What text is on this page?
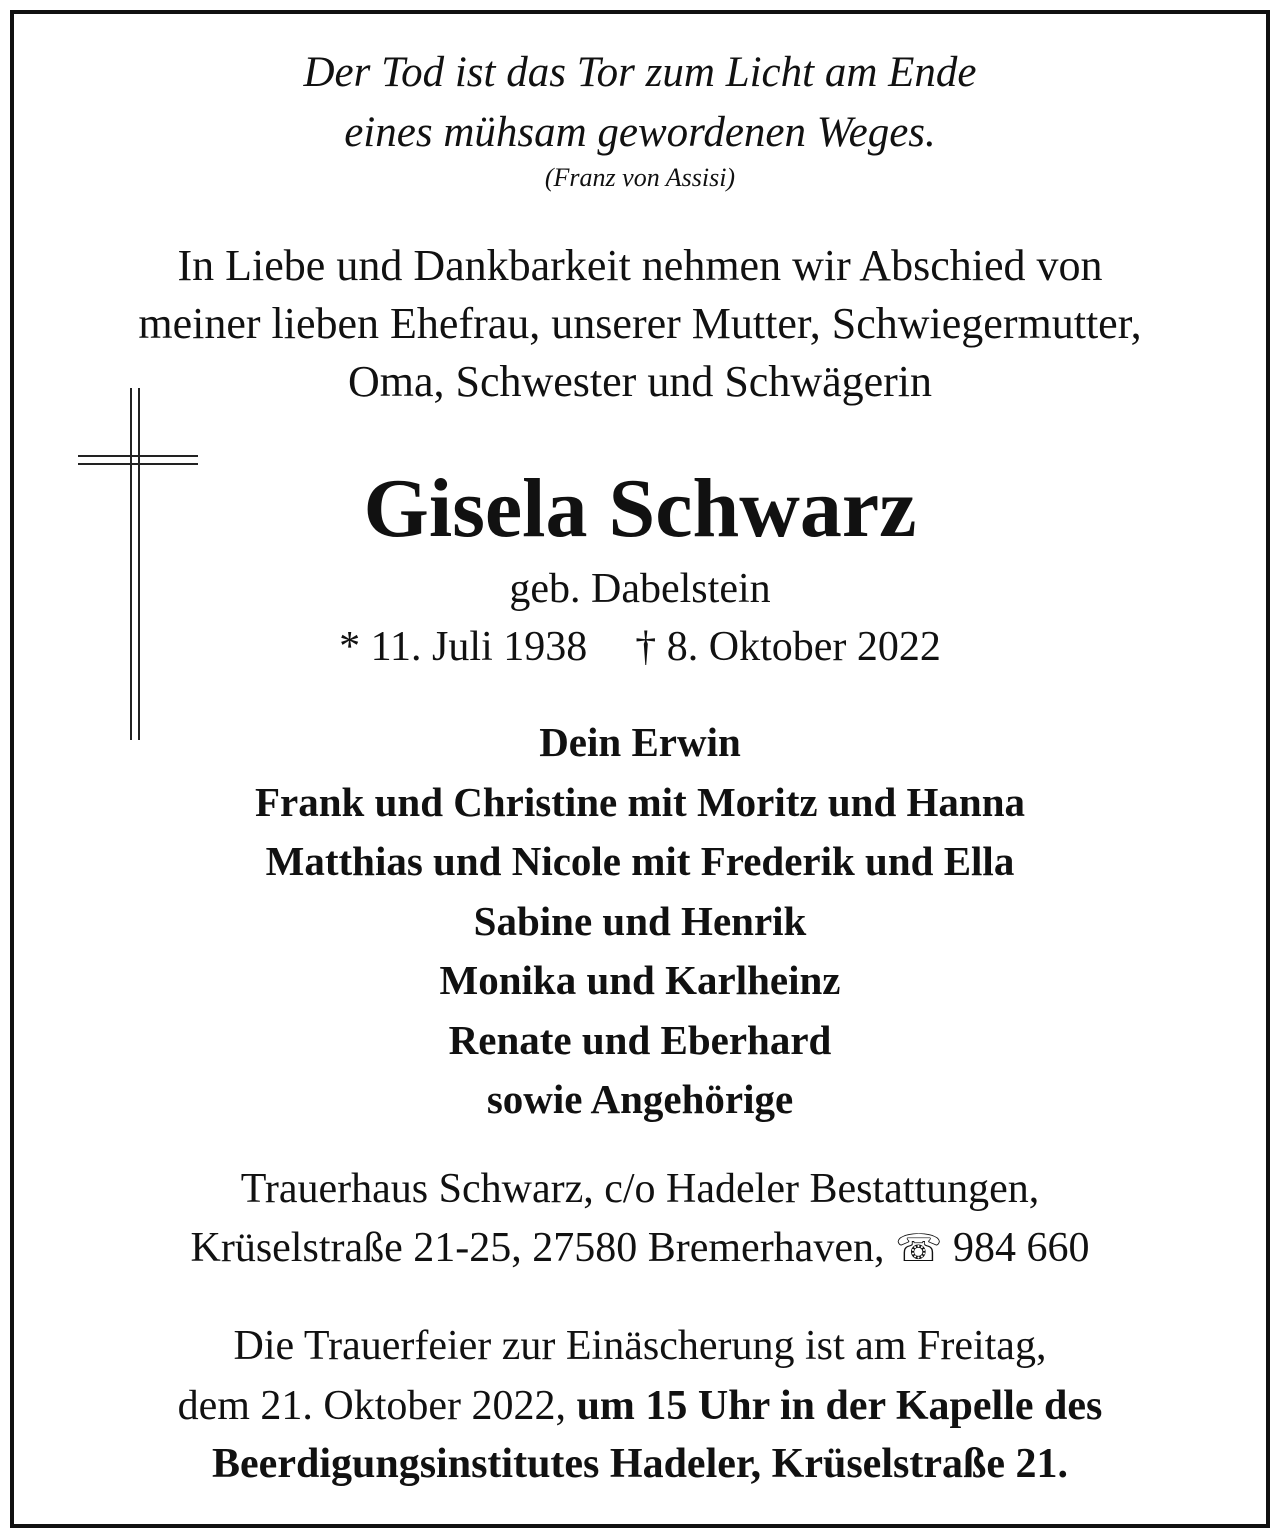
Der Tod ist das Tor zum Licht am Ende
eines mühsam gewordenen Weges.
(Franz von Assisi)
In Liebe und Dankbarkeit nehmen wir Abschied von
meiner lieben Ehefrau, unserer Mutter, Schwiegermutter,
Oma, Schwester und Schwägerin
Gisela Schwarz
geb. Dabelstein
* 11. Juli 1938 † 8. Oktober 2022
Dein Erwin
Frank und Christine mit Moritz und Hanna
Matthias und Nicole mit Frederik und Ella
Sabine und Henrik
Monika und Karlheinz
Renate und Eberhard
sowie Angehörige
Trauerhaus Schwarz, c/o Hadeler Bestattungen,
Krüselstraße 21-25, 27580 Bremerhaven, ☏ 984 660
Die Trauerfeier zur Einäscherung ist am Freitag,
dem 21. Oktober 2022, um 15 Uhr in der Kapelle des
Beerdigungsinstitutes Hadeler, Krüselstraße 21.
